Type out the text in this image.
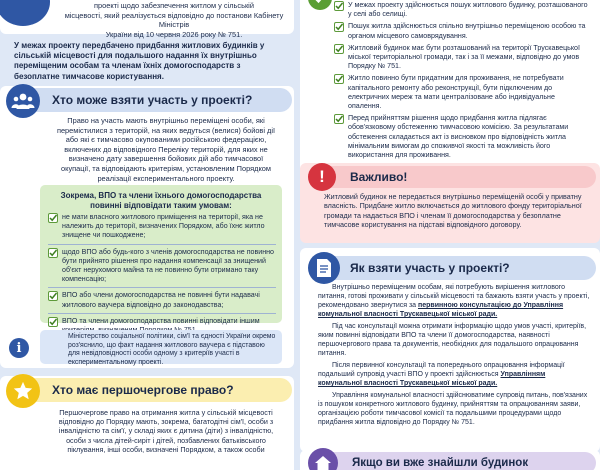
проекті щодо забезпечення житлом у сільській
місцевості, який реалізується відповідно до постанови Кабінету Міністрів
України від 10 червня 2026 року № 751.
У межах проекту передбачено придбання житлових будинків у сільській місцевості для подальшого надання їх внутрішньо переміщеним особам та членам їхніх домогосподарств з безоплатне тимчасове користування.
Хто може взяти участь у проекті?
Право на участь мають внутрішньо переміщені особи, які перемістилися з територій, на яких ведуться (велися) бойові дії або які є тимчасово окупованими російською федерацією, включених до відповідного Переліку територій, для яких не визначено дату завершення бойових дій або тимчасової окупації, та відповідають критеріям, установленим Порядком реалізації експериментального проекту.
Зокрема, ВПО та члени їхнього домогосподарства повинні відповідати таким умовам:
не мати власного житлового приміщення на території, яка не належить до території, визначених Порядком, або їхнє житло знищене чи пошкоджене;
щодо ВПО або будь-кого з членів домогосподарства не повинно бути прийнято рішення про надання компенсації за знищений об'єкт нерухомого майна та не повинно бути отримано таку компенсацію;
ВПО або члени домогосподарства не повинні бути надавачі житлового ваучера відповідно до законодавства;
ВПО та члени домогосподарства повинні відповідати іншим
Міністерство соціальної політики, сім'ї та єдності України окремо роз'яснило, що факт надання житлового ваучера є підставою для невідповідності особи одному з критеріїв участі в експериментальному проекті.
i
Хто має першочергове право?
Першочергове право на отримання житла у сільській місцевості відповідно до Порядку мають, зокрема, багатодітні сім'ї, особи з інвалідністю та сім'ї, у складі яких є дитина (діти) з інвалідністю, особи з числа дітей-сиріт і дітей, позбавлених батьківського піклування, інші особи, визначені Порядком, а також особи
У межах проекту здійснюється пошук житлового будинку, розташованого у селі або селищі.
Пошук житла здійснюється спільно внутрішньо переміщеною особою та органом місцевого самоврядування.
Житловий будинок має бути розташований на території Трускавецької міської територіальної громади, так і за її межами, відповідно до умов Порядку № 751.
Житло повинно бути придатним для проживання, не потребувати капітального ремонту або реконструкції, бути підключеним до електричних мереж та мати централізоване або індивідуальне опалення.
Перед прийняттям рішення щодо придбання житла підлягає обов'язковому обстеженню тимчасовою комісією. За результатами обстеження складається акт із висновком про відповідність житла мінімальним вимогам до споживчої якості та можливість його використання для проживання.
Важливо!
!
Житловий будинок не передається внутрішньо переміщеній особі у приватну власність. Придбане житло включається до житлового фонду територіальної громади та надається ВПО і членам її домогосподарства у безоплатне тимчасове користування на підставі відповідного договору.
Як взяти участь у проекті?
Внутрішньо переміщеним особам, які потребують вирішення житлового питання, готові проживати у сільській місцевості та бажають взяти участь у проекті, рекомендовано звернутися за первинною консультацією до Управління комунальної власності Трускавецької міської ради.
Під час консультації можна отримати інформацію щодо умов участі, критеріїв, яким повинні відповідати ВПО та члени її домогосподарства, наявності першочергового права та документів, необхідних для подальшого опрацювання питання.
Після первинної консультації та попереднього опрацювання інформації подальший супровід участі ВПО у проекті здійснюється Управлінням комунальної власності Трускавецької міської ради.
Управління комунальної власності здійснюватиме супровід питань, пов'язаних із пошуком конкретного житлового будинку, прийняттям та опрацюванням заяви, організацією роботи тимчасової комісії та подальшими процедурами щодо придбання житла відповідно до Порядку № 751.
Якщо ви вже знайшли будинок
